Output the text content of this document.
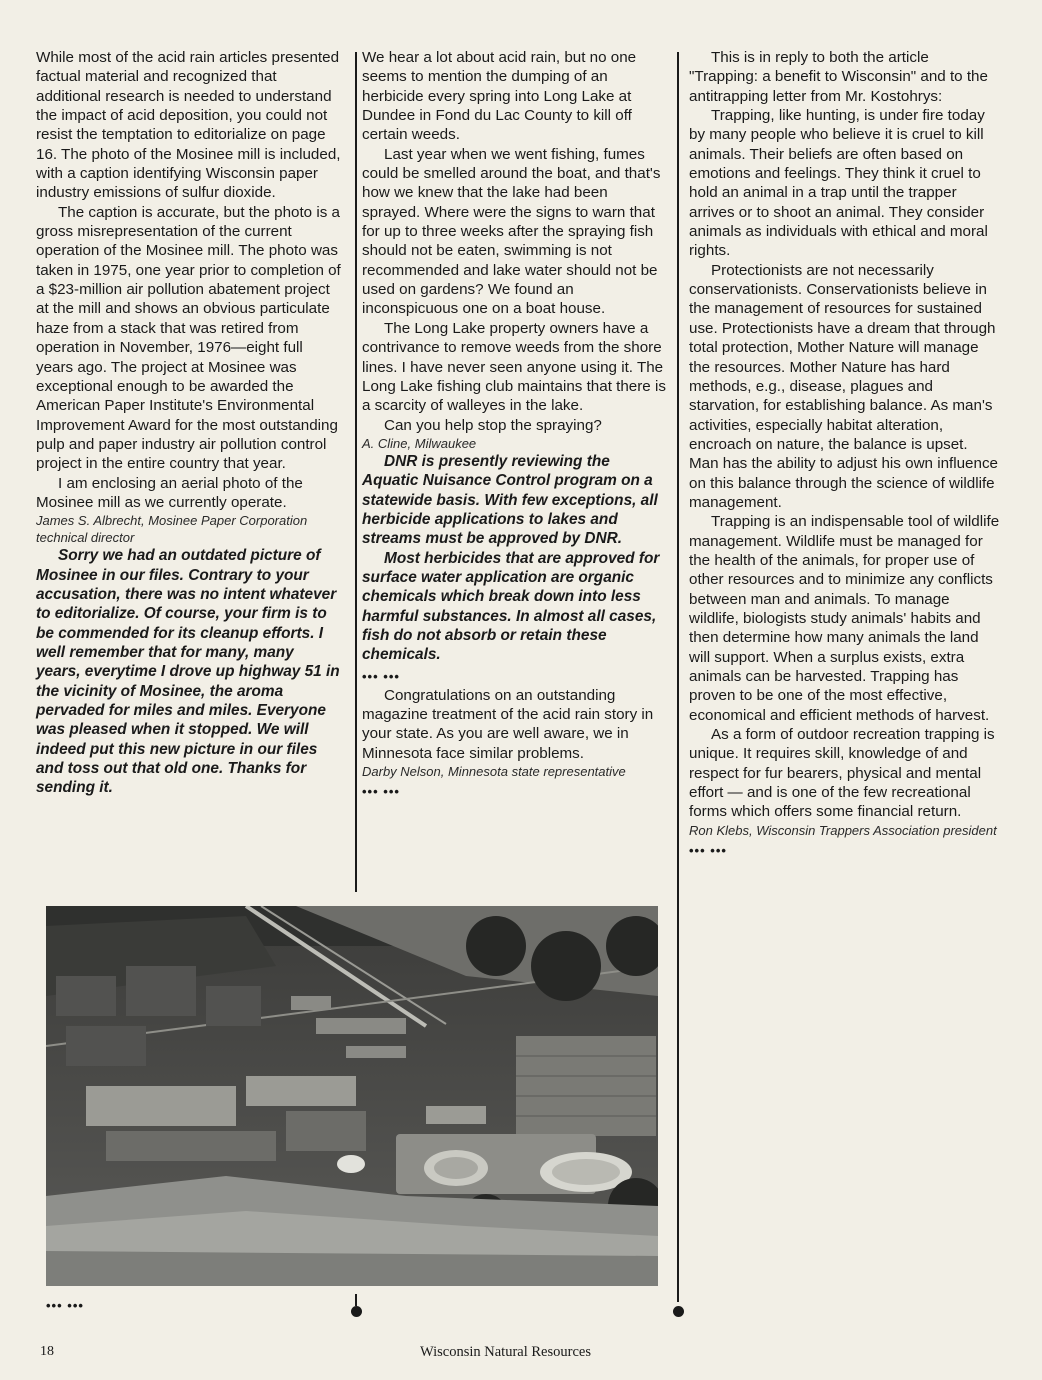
While most of the acid rain articles presented factual material and recognized that additional research is needed to understand the impact of acid deposition, you could not resist the temptation to editorialize on page 16. The photo of the Mosinee mill is included, with a caption identifying Wisconsin paper industry emissions of sulfur dioxide.

The caption is accurate, but the photo is a gross misrepresentation of the current operation of the Mosinee mill. The photo was taken in 1975, one year prior to completion of a $23-million air pollution abatement project at the mill and shows an obvious particulate haze from a stack that was retired from operation in November, 1976—eight full years ago. The project at Mosinee was exceptional enough to be awarded the American Paper Institute's Environmental Improvement Award for the most outstanding pulp and paper industry air pollution control project in the entire country that year.

I am enclosing an aerial photo of the Mosinee mill as we currently operate.

James S. Albrecht, Mosinee Paper Corporation technical director

Sorry we had an outdated picture of Mosinee in our files. Contrary to your accusation, there was no intent whatever to editorialize. Of course, your firm is to be commended for its cleanup efforts. I well remember that for many, many years, everytime I drove up highway 51 in the vicinity of Mosinee, the aroma pervaded for miles and miles. Everyone was pleased when it stopped. We will indeed put this new picture in our files and toss out that old one. Thanks for sending it.

We hear a lot about acid rain, but no one seems to mention the dumping of an herbicide every spring into Long Lake at Dundee in Fond du Lac County to kill off certain weeds.

Last year when we went fishing, fumes could be smelled around the boat, and that's how we knew that the lake had been sprayed. Where were the signs to warn that for up to three weeks after the spraying fish should not be eaten, swimming is not recommended and lake water should not be used on gardens? We found an inconspicuous one on a boat house.

The Long Lake property owners have a contrivance to remove weeds from the shore lines. I have never seen anyone using it. The Long Lake fishing club maintains that there is a scarcity of walleyes in the lake.

Can you help stop the spraying?

A. Cline, Milwaukee

DNR is presently reviewing the Aquatic Nuisance Control program on a statewide basis. With few exceptions, all herbicide applications to lakes and streams must be approved by DNR.

Most herbicides that are approved for surface water application are organic chemicals which break down into less harmful substances. In almost all cases, fish do not absorb or retain these chemicals.

••• •••

Congratulations on an outstanding magazine treatment of the acid rain story in your state. As you are well aware, we in Minnesota face similar problems.

Darby Nelson, Minnesota state representative

••• •••

This is in reply to both the article "Trapping: a benefit to Wisconsin" and to the antitrapping letter from Mr. Kostohrys:

Trapping, like hunting, is under fire today by many people who believe it is cruel to kill animals. Their beliefs are often based on emotions and feelings. They think it cruel to hold an animal in a trap until the trapper arrives or to shoot an animal. They consider animals as individuals with ethical and moral rights.

Protectionists are not necessarily conservationists. Conservationists believe in the management of resources for sustained use. Protectionists have a dream that through total protection, Mother Nature will manage the resources. Mother Nature has hard methods, e.g., disease, plagues and starvation, for establishing balance. As man's activities, especially habitat alteration, encroach on nature, the balance is upset. Man has the ability to adjust his own influence on this balance through the science of wildlife management.

Trapping is an indispensable tool of wildlife management. Wildlife must be managed for the health of the animals, for proper use of other resources and to minimize any conflicts between man and animals. To manage wildlife, biologists study animals' habits and then determine how many animals the land will support. When a surplus exists, extra animals can be harvested. Trapping has proven to be one of the most effective, economical and efficient methods of harvest.

As a form of outdoor recreation trapping is unique. It requires skill, knowledge of and respect for fur bearers, physical and mental effort — and is one of the few recreational forms which offers some financial return.

Ron Klebs, Wisconsin Trappers Association president

••• •••
••• •••
18	Wisconsin Natural Resources
